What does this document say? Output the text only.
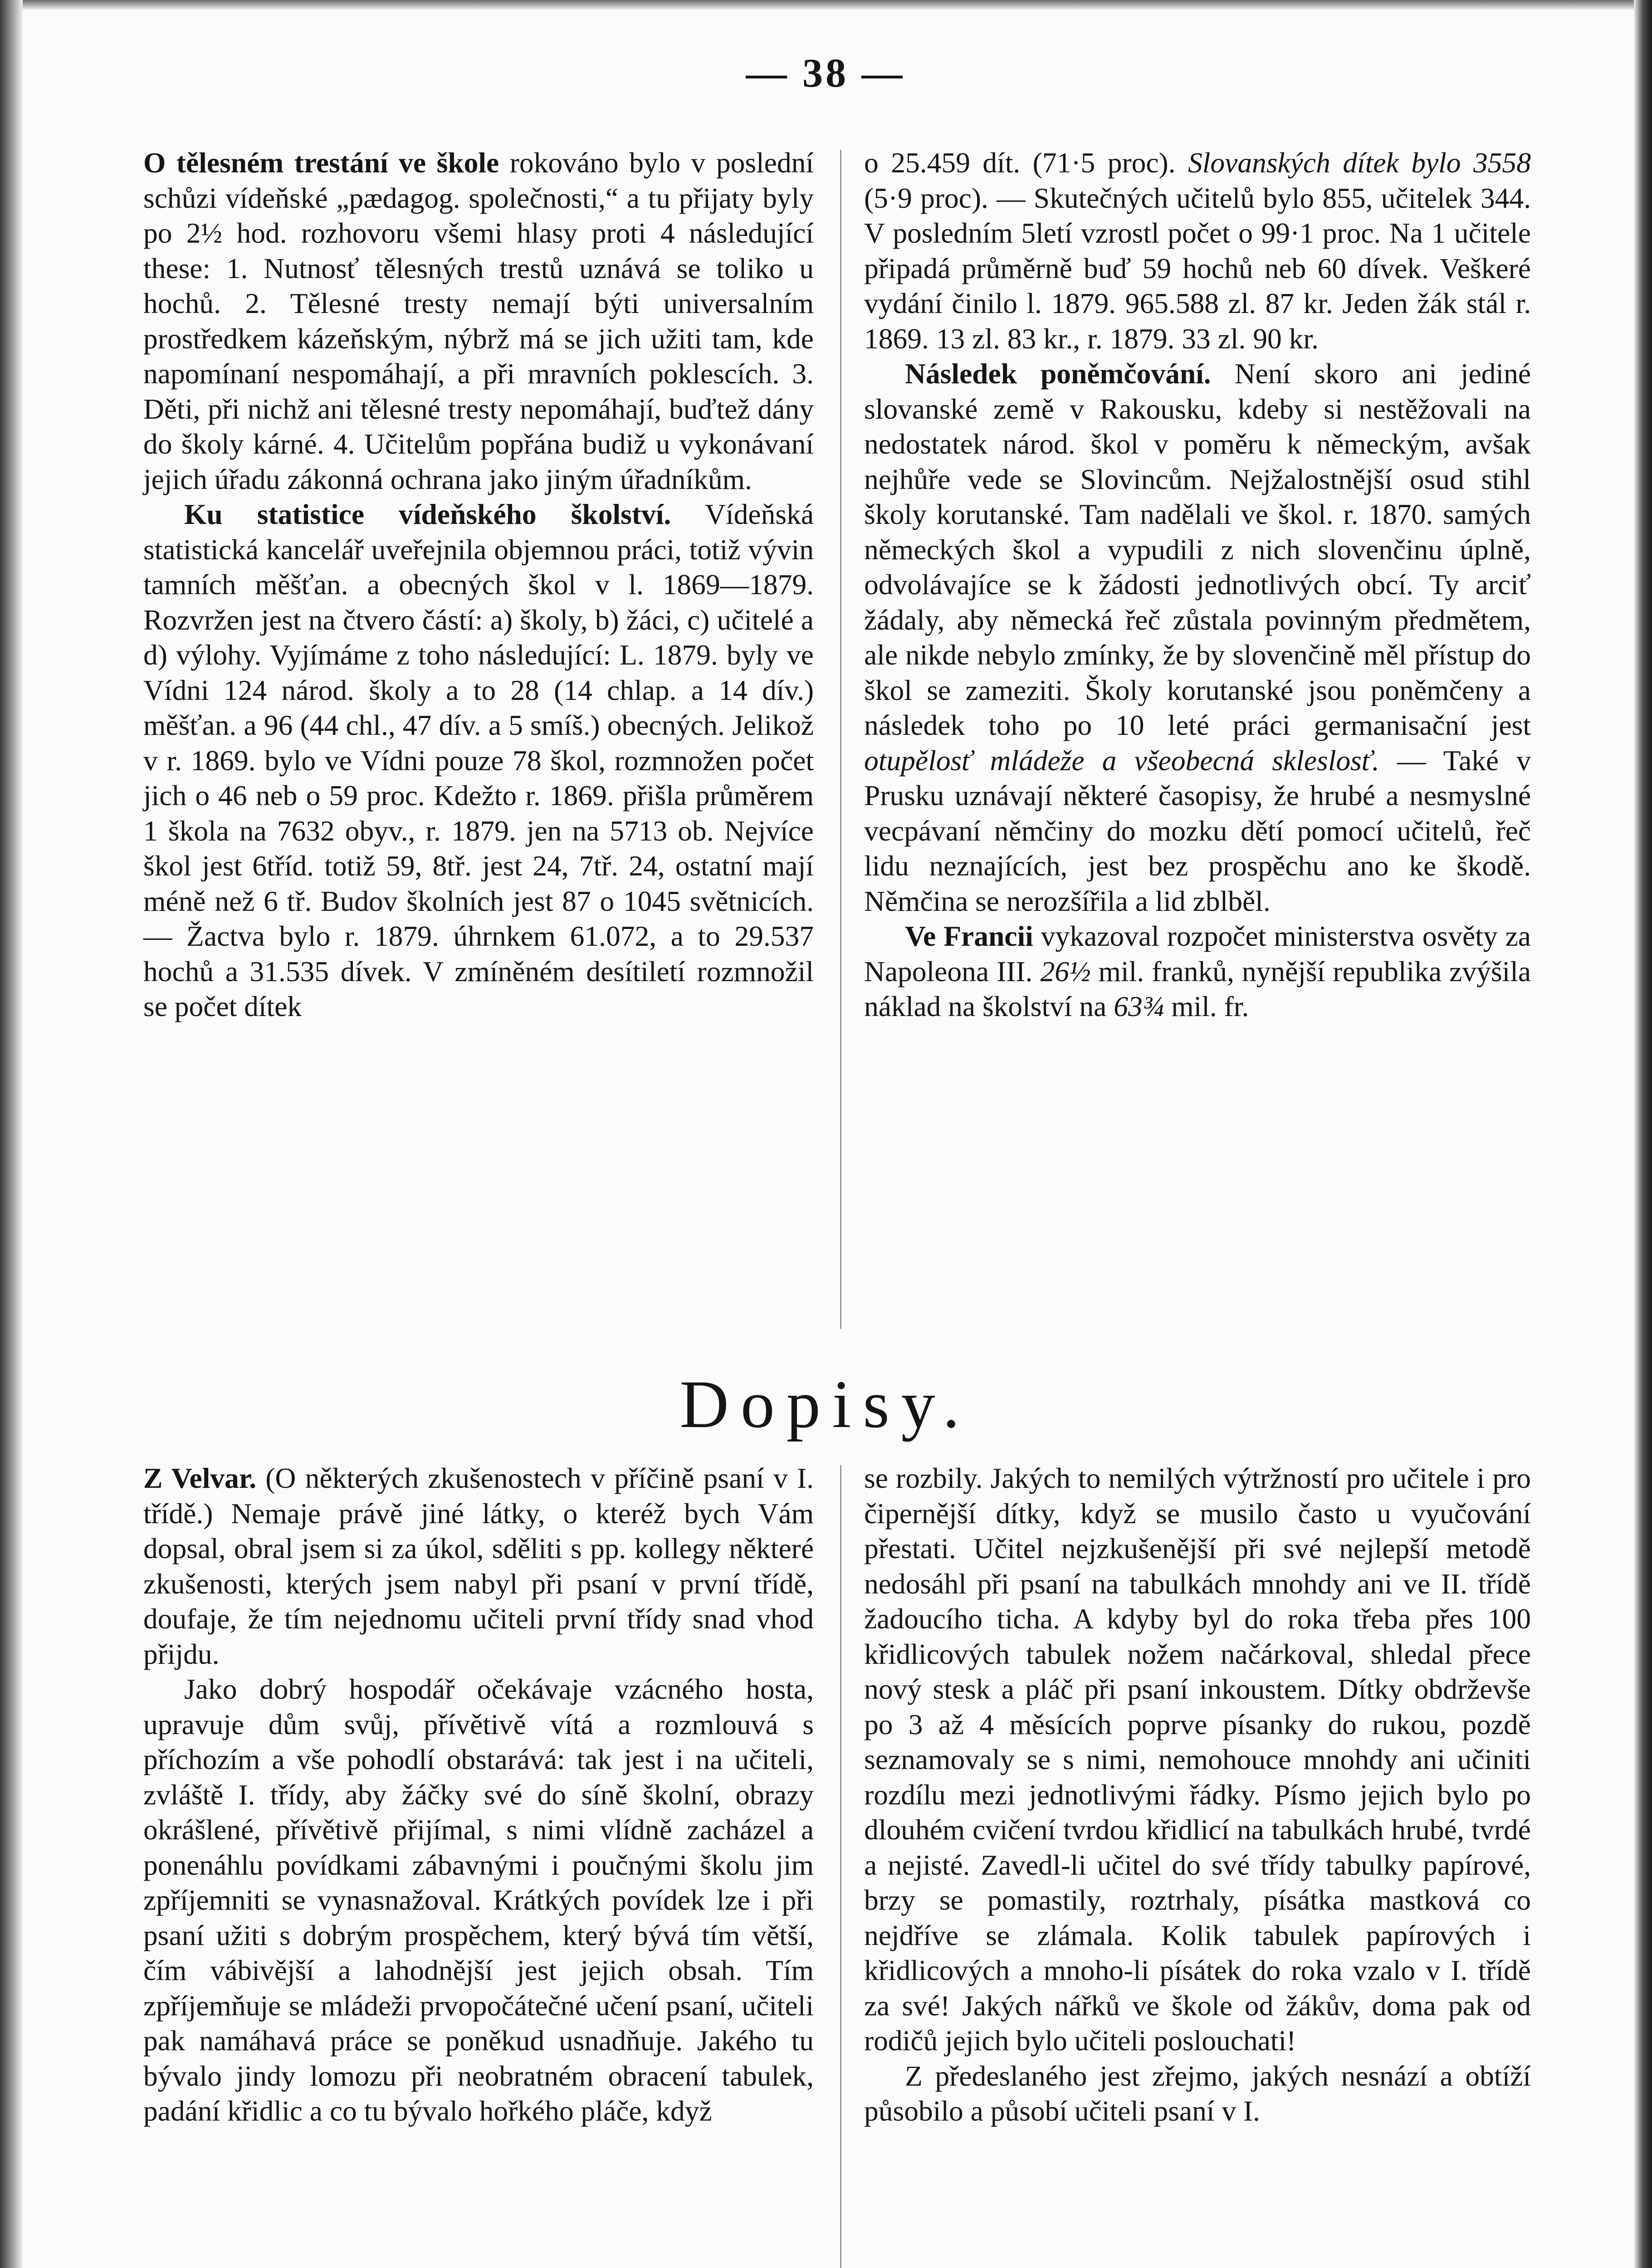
— 38 —

O tělesném trestání ve škole rokováno bylo v poslední schůzi vídeňské „pædagog. společnosti,“ a tu přijaty byly po 2½ hod. rozhovoru všemi hlasy proti 4 následující these: 1. Nutnosť tělesných trestů uznává se toliko u hochů. 2. Tělesné tresty nemají býti universalním prostředkem kázeňským, nýbrž má se jich užiti tam, kde napomínaní nespomáhají, a při mravních poklescích. 3. Děti, při nichž ani tělesné tresty nepomáhají, buďtež dány do školy kárné. 4. Učitelům popřána budiž u vykonávaní jejich úřadu zákonná ochrana jako jiným úřadníkům.

Ku statistice vídeňského školství. Vídeňská statistická kancelář uveřejnila objemnou práci, totiž vývin tamních měšťan. a obecných škol v l. 1869—1879. Rozvržen jest na čtvero částí: a) školy, b) žáci, c) učitelé a d) výlohy. Vyjímáme z toho následující: L. 1879. byly ve Vídni 124 národ. školy a to 28 (14 chlap. a 14 dív.) měšťan. a 96 (44 chl., 47 dív. a 5 smíš.) obecných. Jelikož v r. 1869. bylo ve Vídni pouze 78 škol, rozmnožen počet jich o 46 neb o 59 proc. Kdežto r. 1869. přišla průměrem 1 škola na 7632 obyv., r. 1879. jen na 5713 ob. Nejvíce škol jest 6tříd. totiž 59, 8tř. jest 24, 7tř. 24, ostatní mají méně než 6 tř. Budov školních jest 87 o 1045 světnicích. — Žactva bylo r. 1879. úhrnkem 61.072, a to 29.537 hochů a 31.535 dívek. V zmíněném desítiletí rozmnožil se počet dítek

o 25.459 dít. (71·5 proc). Slovanských dítek bylo 3558 (5·9 proc). — Skutečných učitelů bylo 855, učitelek 344. V posledním 5letí vzrostl počet o 99·1 proc. Na 1 učitele připadá průměrně buď 59 hochů neb 60 dívek. Veškeré vydání činilo l. 1879. 965.588 zl. 87 kr. Jeden žák stál r. 1869. 13 zl. 83 kr., r. 1879. 33 zl. 90 kr.

Následek poněmčování. Není skoro ani jediné slovanské země v Rakousku, kdeby si nestěžovali na nedostatek národ. škol v poměru k německým, avšak nejhůře vede se Slovincům. Nejžalostnější osud stihl školy korutanské. Tam nadělali ve škol. r. 1870. samých německých škol a vypudili z nich slovenčinu úplně, odvolávajíce se k žádosti jednotlivých obcí. Ty arciť žádaly, aby německá řeč zůstala povinným předmětem, ale nikde nebylo zmínky, že by slovenčině měl přístup do škol se zameziti. Školy korutanské jsou poněmčeny a následek toho po 10 leté práci germanisační jest otupělosť mládeže a všeobecná skleslosť. — Také v Prusku uznávají některé časopisy, že hrubé a nesmyslné vecpávaní němčiny do mozku dětí pomocí učitelů, řeč lidu neznajících, jest bez prospěchu ano ke škodě. Němčina se nerozšířila a lid zblběl.

Ve Francii vykazoval rozpočet ministerstva osvěty za Napoleona III. 26½ mil. franků, nynější republika zvýšila náklad na školství na 63¾ mil. fr.

Dopisy.

Z Velvar. (O některých zkušenostech v příčině psaní v I. třídě.) Nemaje právě jiné látky, o kteréž bych Vám dopsal, obral jsem si za úkol, sděliti s pp. kollegy některé zkušenosti, kterých jsem nabyl při psaní v první třídě, doufaje, že tím nejednomu učiteli první třídy snad vhod přijdu.

Jako dobrý hospodář očekávaje vzácného hosta, upravuje dům svůj, přívětivě vítá a rozmlouvá s příchozím a vše pohodlí obstarává: tak jest i na učiteli, zvláště I. třídy, aby žáčky své do síně školní, obrazy okrášlené, přívětivě přijímal, s nimi vlídně zacházel a ponenáhlu povídkami zábavnými i poučnými školu jim zpříjemniti se vynasnažoval. Krátkých povídek lze i při psaní užiti s dobrým prospěchem, který bývá tím větší, čím vábivější a lahodnější jest jejich obsah. Tím zpříjemňuje se mládeži prvopočátečné učení psaní, učiteli pak namáhavá práce se poněkud usnadňuje. Jakého tu bývalo jindy lomozu při neobratném obracení tabulek, padání křidlic a co tu bývalo hořkého pláče, když

se rozbily. Jakých to nemilých výtržností pro učitele i pro čipernější dítky, když se musilo často u vyučování přestati. Učitel nejzkušenější při své nejlepší metodě nedosáhl při psaní na tabulkách mnohdy ani ve II. třídě žadoucího ticha. A kdyby byl do roka třeba přes 100 křidlicových tabulek nožem načárkoval, shledal přece nový stesk a pláč při psaní inkoustem. Dítky obdrževše po 3 až 4 měsících poprve písanky do rukou, pozdě seznamovaly se s nimi, nemohouce mnohdy ani učiniti rozdílu mezi jednotlivými řádky. Písmo jejich bylo po dlouhém cvičení tvrdou křidlicí na tabulkách hrubé, tvrdé a nejisté. Zavedl-li učitel do své třídy tabulky papírové, brzy se pomastily, roztrhaly, písátka mastková co nejdříve se zlámala. Kolik tabulek papírových i křidlicových a mnoho-li písátek do roka vzalo v I. třídě za své! Jakých nářků ve škole od žákův, doma pak od rodičů jejich bylo učiteli poslouchati!

Z předeslaného jest zřejmo, jakých nesnází a obtíží působilo a působí učiteli psaní v I.
